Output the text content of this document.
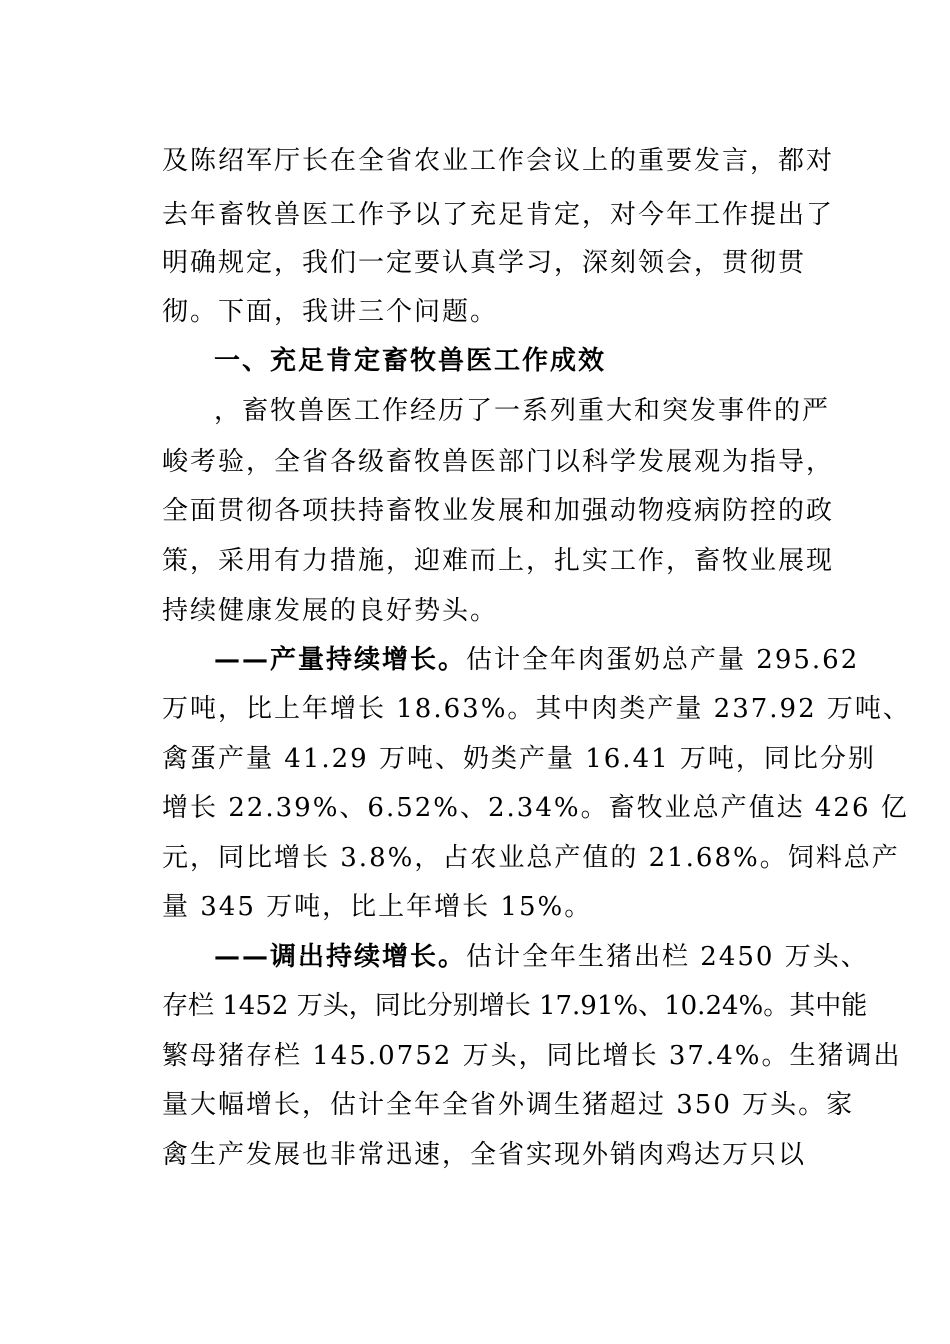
及陈绍军厅长在全省农业工作会议上的重要发言，都对
去年畜牧兽医工作予以了充足肯定，对今年工作提出了
明确规定，我们一定要认真学习，深刻领会，贯彻贯
彻。下面，我讲三个问题。
一、充足肯定畜牧兽医工作成效
，畜牧兽医工作经历了一系列重大和突发事件的严
峻考验，全省各级畜牧兽医部门以科学发展观为指导，
全面贯彻各项扶持畜牧业发展和加强动物疫病防控的政
策，采用有力措施，迎难而上，扎实工作，畜牧业展现
持续健康发展的良好势头。
——产量持续增长。估计全年肉蛋奶总产量 295.62
万吨，比上年增长 18.63%。其中肉类产量 237.92 万吨、
禽蛋产量 41.29 万吨、奶类产量 16.41 万吨，同比分别
增长 22.39%、6.52%、2.34%。畜牧业总产值达 426 亿
元，同比增长 3.8%，占农业总产值的 21.68%。饲料总产
量 345 万吨，比上年增长 15%。
——调出持续增长。估计全年生猪出栏 2450 万头、
存栏 1452 万头，同比分别增长 17.91%、10.24%。其中能
繁母猪存栏 145.0752 万头，同比增长 37.4%。生猪调出
量大幅增长，估计全年全省外调生猪超过 350 万头。家
禽生产发展也非常迅速，全省实现外销肉鸡达万只以
